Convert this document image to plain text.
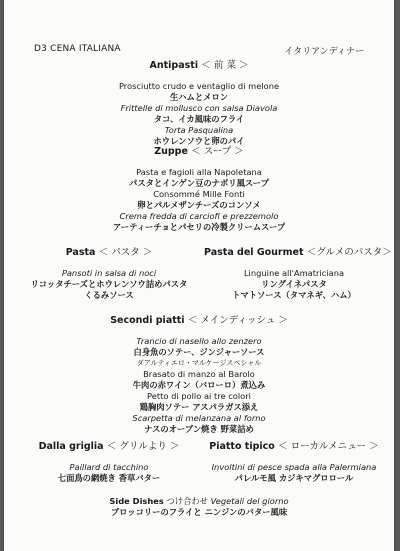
D3 CENA ITALIANA	イタリアンディナー
Antipasti ＜ 前 菜 ＞
Prosciutto crudo e ventaglio di melone
生ハムとメロン
Frittelle di mollusco con salsa Diavola
タコ、イカ風味のフライ
Torta Pasqualina
ホウレンソウと卵のパイ
Zuppe ＜ スープ ＞
Pasta e fagioli alla Napoletana
パスタとインゲン豆のナポリ風スープ
Consommé Mille Fonti
卵とパルメザンチーズのコンソメ
Crema fredda di carciofi e prezzemolo
アーティーチョとパセリの冷製クリームスープ
Pasta ＜ パスタ ＞
Pansoti in salsa di noci
リコッタチーズとホウレンソウ詰めパスタ
くるみソース
Pasta del Gourmet ＜グルメのパスタ＞
Linguine all'Amatriciana
リングイネパスタ
トマトソース（タマネギ、ハム）
Secondi piatti ＜ メインディッシュ ＞
Trancio di nasello allo zenzero
白身魚のソテー、ジンジャーソース
ダアルティエロ・マルケージスペシャル
Brasato di manzo al Barolo
牛肉の赤ワイン（バローロ）煮込み
Petto di pollo ai tre colori
鶏胸肉ソテー アスパラガス添え
Scarpetta di melanzana al forno
ナスのオーブン焼き 野菜詰め
Dalla griglia ＜ グリルより ＞
Paillard di tacchino
七面鳥の網焼き 香草バター
Piatto tipico ＜ ローカルメニュー ＞
Involtini di pesce spada alla Palermiana
パレルモ風 カジキマグロロール
Side Dishes つけ合わせ Vegetali del giorno
ブロッコリーのフライと ニンジンのバター風味
